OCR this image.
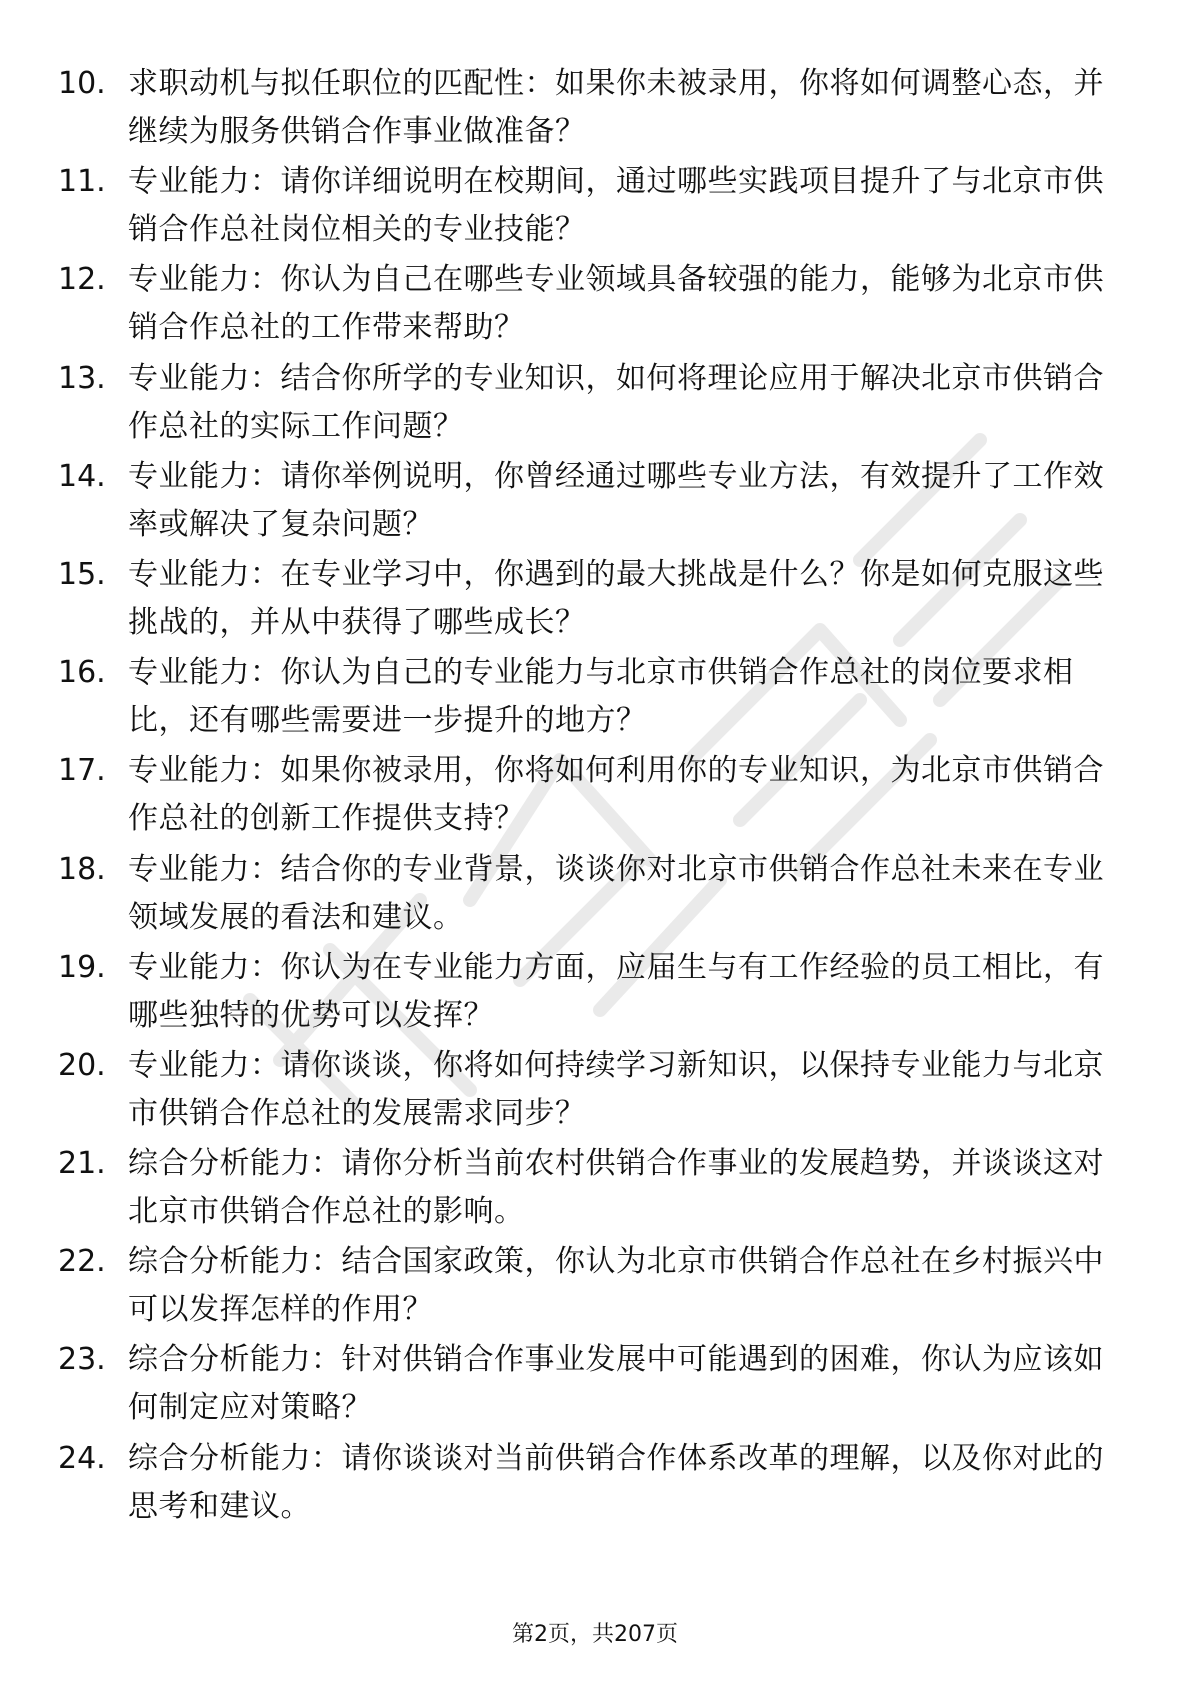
10. 求职动机与拟任职位的匹配性：如果你未被录用，你将如何调整心态，并继续为服务供销合作事业做准备？
11. 专业能力：请你详细说明在校期间，通过哪些实践项目提升了与北京市供销合作总社岗位相关的专业技能？
12. 专业能力：你认为自己在哪些专业领域具备较强的能力，能够为北京市供销合作总社的工作带来帮助？
13. 专业能力：结合你所学的专业知识，如何将理论应用于解决北京市供销合作总社的实际工作问题？
14. 专业能力：请你举例说明，你曾经通过哪些专业方法，有效提升了工作效率或解决了复杂问题？
15. 专业能力：在专业学习中，你遇到的最大挑战是什么？你是如何克服这些挑战的，并从中获得了哪些成长？
16. 专业能力：你认为自己的专业能力与北京市供销合作总社的岗位要求相比，还有哪些需要进一步提升的地方？
17. 专业能力：如果你被录用，你将如何利用你的专业知识，为北京市供销合作总社的创新工作提供支持？
18. 专业能力：结合你的专业背景，谈谈你对北京市供销合作总社未来在专业领域发展的看法和建议。
19. 专业能力：你认为在专业能力方面，应届生与有工作经验的员工相比，有哪些独特的优势可以发挥？
20. 专业能力：请你谈谈，你将如何持续学习新知识，以保持专业能力与北京市供销合作总社的发展需求同步？
21. 综合分析能力：请你分析当前农村供销合作事业的发展趋势，并谈谈这对北京市供销合作总社的影响。
22. 综合分析能力：结合国家政策，你认为北京市供销合作总社在乡村振兴中可以发挥怎样的作用？
23. 综合分析能力：针对供销合作事业发展中可能遇到的困难，你认为应该如何制定应对策略？
24. 综合分析能力：请你谈谈对当前供销合作体系改革的理解，以及你对此的思考和建议。
第2页，共207页
